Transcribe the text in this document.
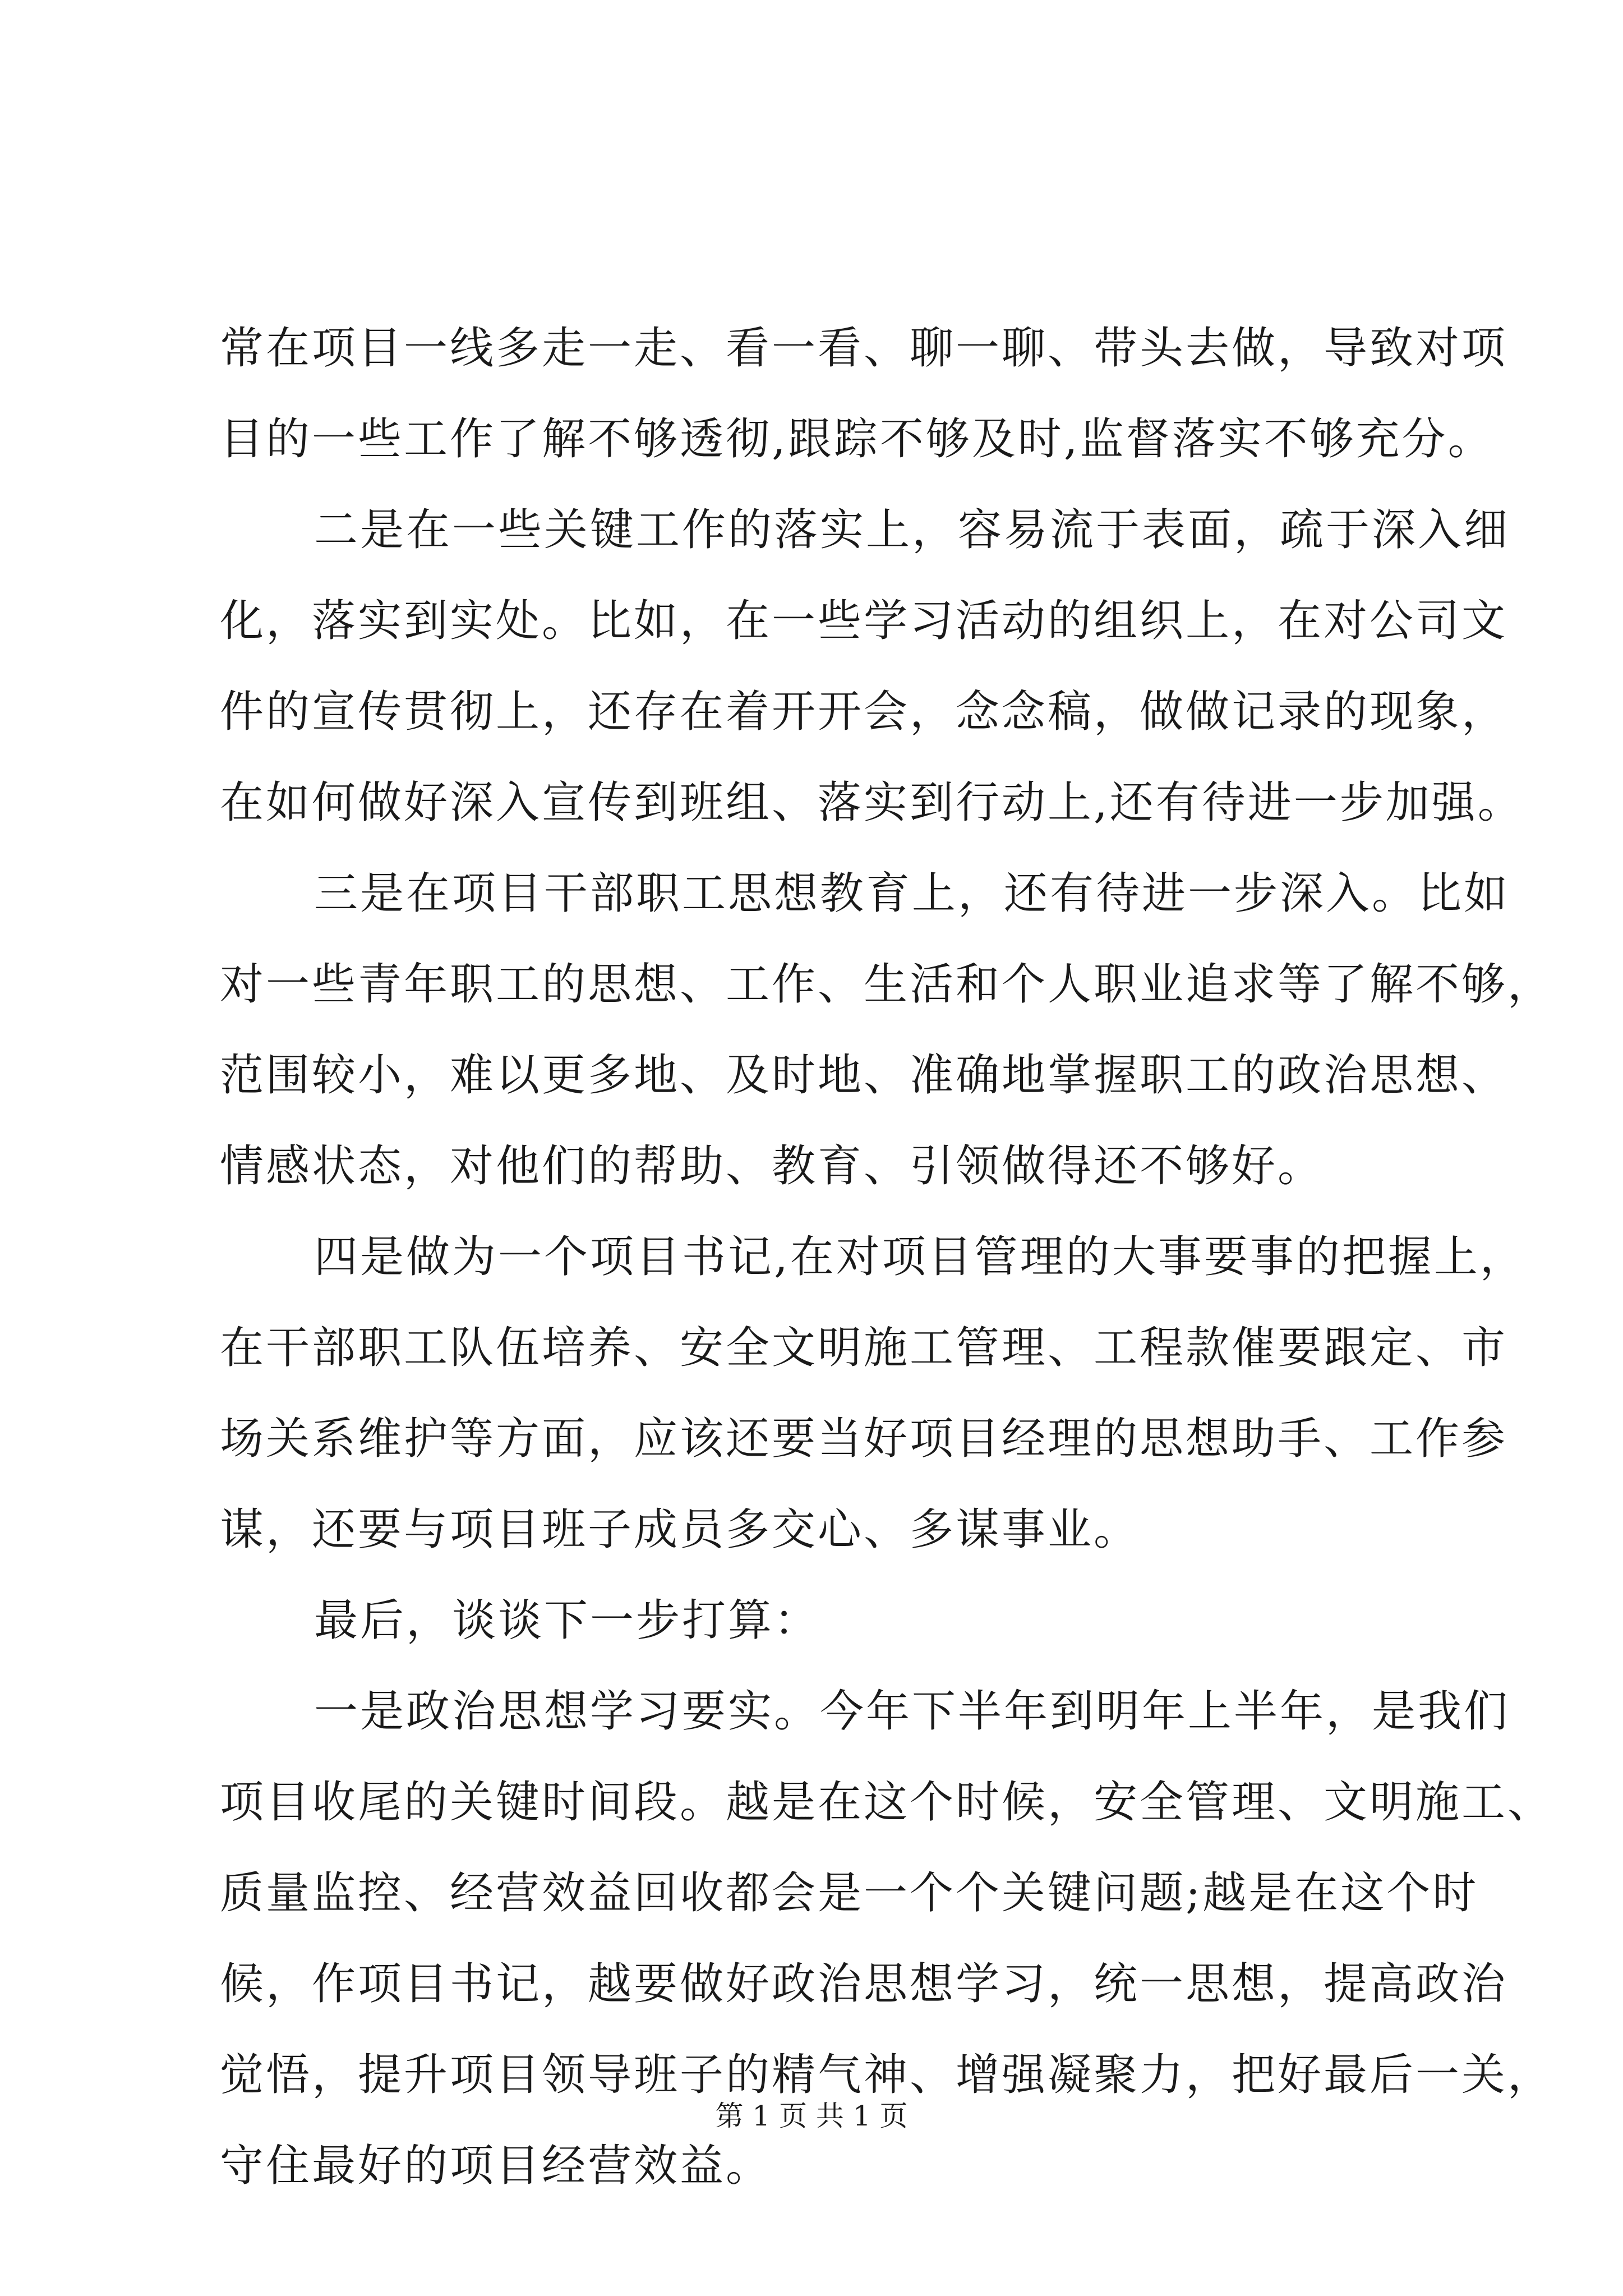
常在项目一线多走一走、看一看、聊一聊、带头去做，导致对项
目的一些工作了解不够透彻,跟踪不够及时,监督落实不够充分。
二是在一些关键工作的落实上，容易流于表面，疏于深入细
化，落实到实处。比如，在一些学习活动的组织上，在对公司文
件的宣传贯彻上，还存在着开开会，念念稿，做做记录的现象，
在如何做好深入宣传到班组、落实到行动上,还有待进一步加强。
三是在项目干部职工思想教育上，还有待进一步深入。比如
对一些青年职工的思想、工作、生活和个人职业追求等了解不够，
范围较小，难以更多地、及时地、准确地掌握职工的政治思想、
情感状态，对他们的帮助、教育、引领做得还不够好。
四是做为一个项目书记,在对项目管理的大事要事的把握上，
在干部职工队伍培养、安全文明施工管理、工程款催要跟定、市
场关系维护等方面，应该还要当好项目经理的思想助手、工作参
谋，还要与项目班子成员多交心、多谋事业。
最后，谈谈下一步打算：
一是政治思想学习要实。今年下半年到明年上半年，是我们
项目收尾的关键时间段。越是在这个时候，安全管理、文明施工、
质量监控、经营效益回收都会是一个个关键问题;越是在这个时
候，作项目书记，越要做好政治思想学习，统一思想，提高政治
觉悟，提升项目领导班子的精气神、增强凝聚力，把好最后一关，
守住最好的项目经营效益。
第 1 页 共 1 页
